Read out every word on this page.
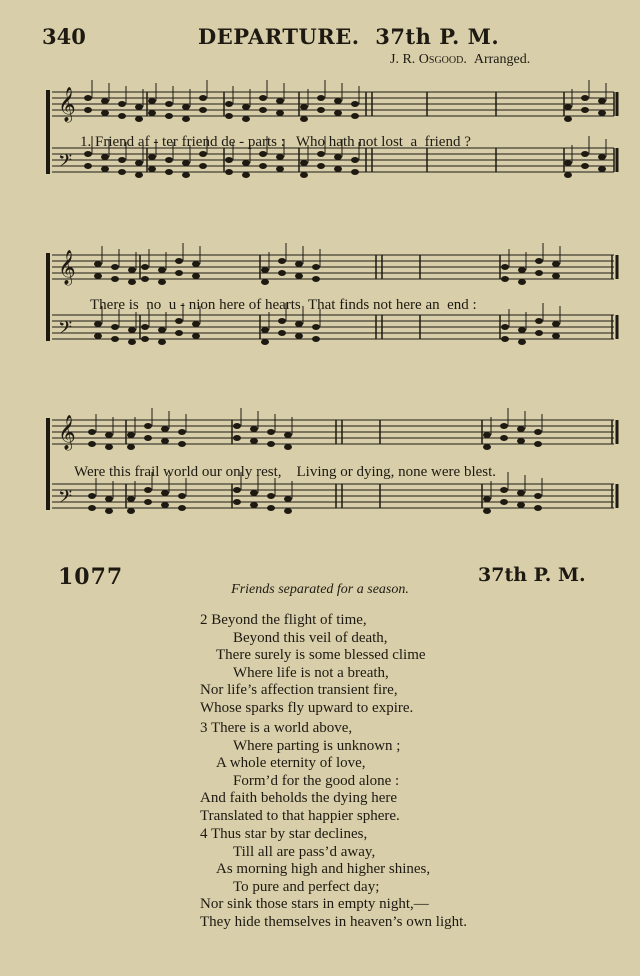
340	DEPARTURE. 37th P. M.
J. R. Osgood. Arranged.
𝄞
𝄢
𝄞
𝄢
𝄞
𝄢
1. Friend af - ter friend de - parts :   Who hath not lost  a  friend ?
There is  no  u - nion here of hearts  That finds not here an  end :
Were this frail world our only rest,    Living or dying, none were blest.
1077	37th P. M.
Friends separated for a season.
2 Beyond the flight of time,
Beyond this veil of death,
There surely is some blessed clime
Where life is not a breath,
Nor life’s affection transient fire,
Whose sparks fly upward to expire.
3 There is a world above,
Where parting is unknown ;
A whole eternity of love,
Form’d for the good alone :
And faith beholds the dying here
Translated to that happier sphere.
4 Thus star by star declines,
Till all are pass’d away,
As morning high and higher shines,
To pure and perfect day;
Nor sink those stars in empty night,—
They hide themselves in heaven’s own light.
